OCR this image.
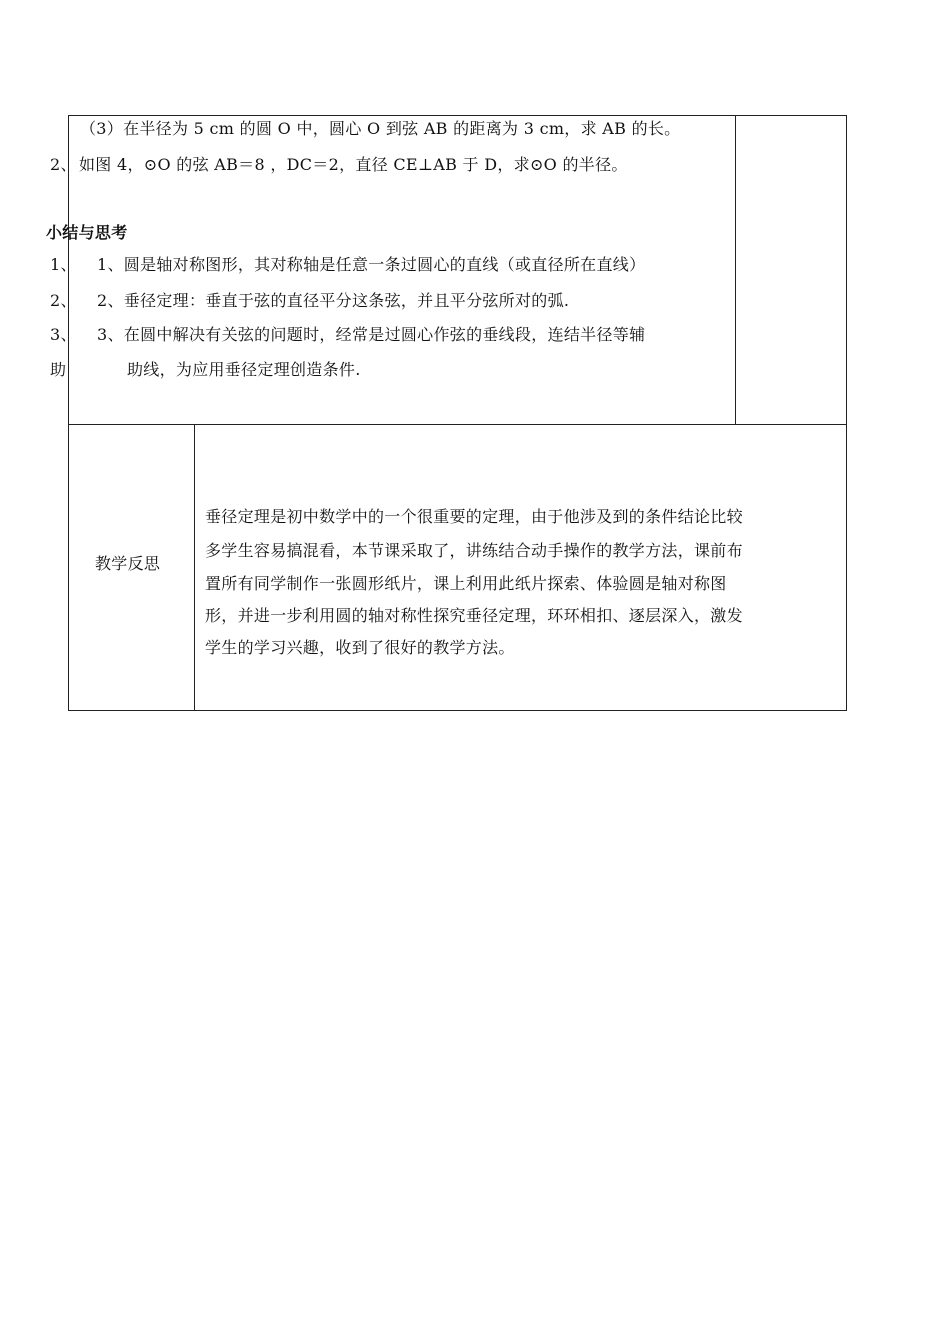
（3）在半径为 5 cm 的圆 O 中，圆心 O 到弦 AB 的距离为 3 cm，求 AB 的长。
2、 如图 4，⊙O 的弦 AB＝8 ，DC＝2，直径 CE⊥AB 于 D，求⊙O 的半径。
小结与思考
1、 1、圆是轴对称图形，其对称轴是任意一条过圆心的直线（或直径所在直线）
2、 2、垂径定理：垂直于弦的直径平分这条弦，并且平分弦所对的弧.
3、 3、在圆中解决有关弦的问题时，经常是过圆心作弦的垂线段，连结半径等辅
助	助线，为应用垂径定理创造条件.
教学反思
垂径定理是初中数学中的一个很重要的定理，由于他涉及到的条件结论比较
多学生容易搞混看，本节课采取了，讲练结合动手操作的教学方法，课前布
置所有同学制作一张圆形纸片，课上利用此纸片探索、体验圆是轴对称图
形，并进一步利用圆的轴对称性探究垂径定理，环环相扣、逐层深入，激发
学生的学习兴趣，收到了很好的教学方法。
